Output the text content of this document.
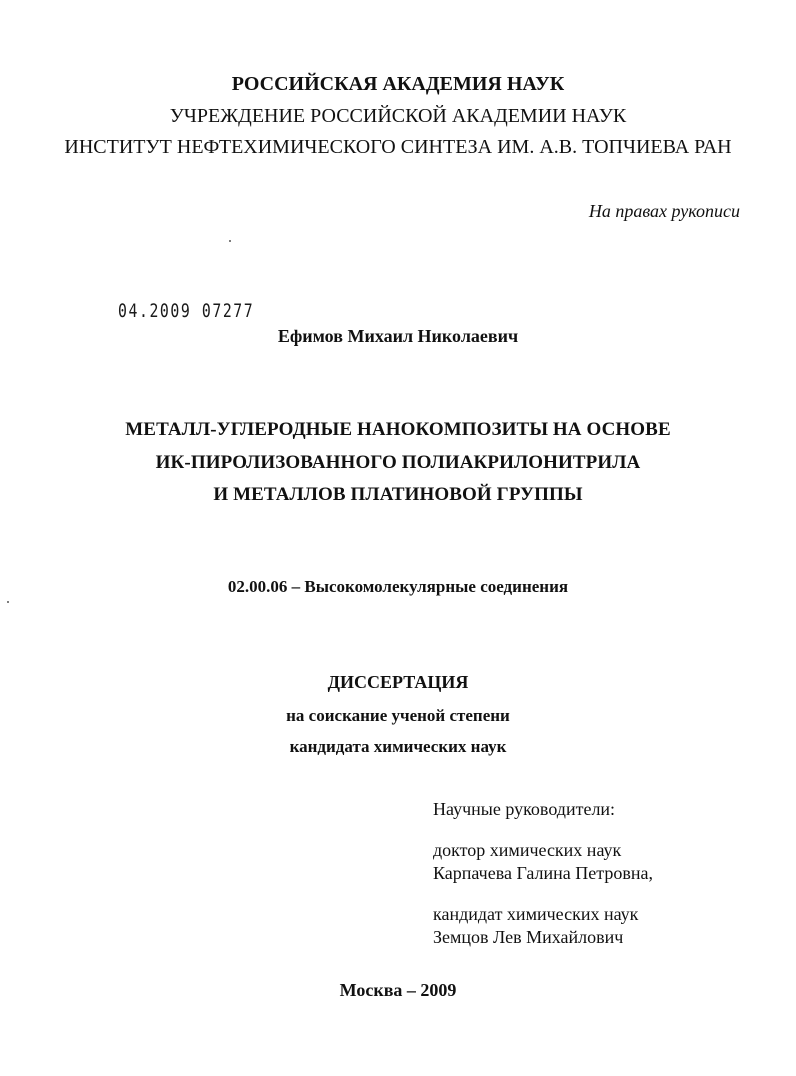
РОССИЙСКАЯ АКАДЕМИЯ НАУК
УЧРЕЖДЕНИЕ РОССИЙСКОЙ АКАДЕМИИ НАУК
ИНСТИТУТ НЕФТЕХИМИЧЕСКОГО СИНТЕЗА ИМ. А.В. ТОПЧИЕВА РАН
На правах рукописи
04.2009 07277
Ефимов Михаил Николаевич
МЕТАЛЛ-УГЛЕРОДНЫЕ НАНОКОМПОЗИТЫ НА ОСНОВЕ
ИК-ПИРОЛИЗОВАННОГО ПОЛИАКРИЛОНИТРИЛА
И МЕТАЛЛОВ ПЛАТИНОВОЙ ГРУППЫ
02.00.06 – Высокомолекулярные соединения
ДИССЕРТАЦИЯ
на соискание ученой степени
кандидата химических наук
Научные руководители:
доктор химических наук
Карпачева Галина Петровна,
кандидат химических наук
Земцов Лев Михайлович
Москва – 2009
